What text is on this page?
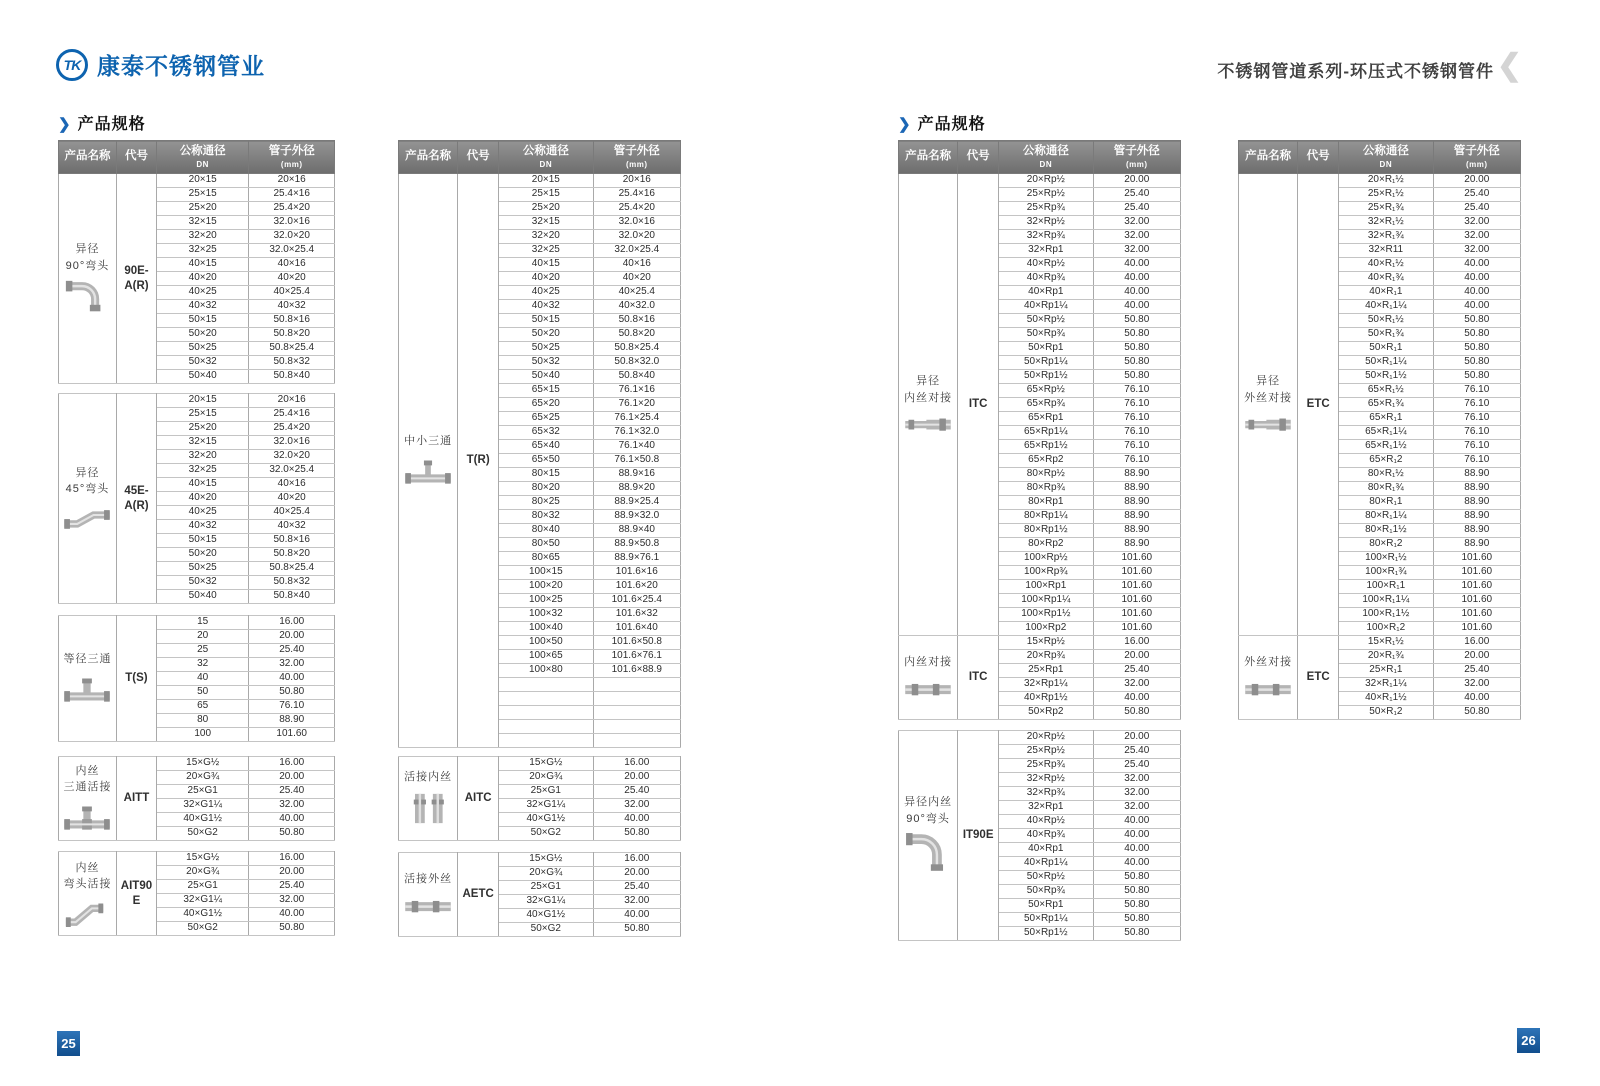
TK 康泰不锈钢管业	不锈钢管道系列-环压式不锈钢管件 ❮
❯ 产品规格	❯ 产品规格
产品名称	代号	公称通径
DN	管子外径
(mm)

异径
90°弯头	90E-A(R)	20×15	20×16
		25×15	25.4×16
		25×20	25.4×20
		32×15	32.0×16
		32×20	32.0×20
		32×25	32.0×25.4
		40×15	40×16
		40×20	40×20
		40×25	40×25.4
		40×32	40×32
		50×15	50.8×16
		50×20	50.8×20
		50×25	50.8×25.4
		50×32	50.8×32
		50×40	50.8×40
异径
45°弯头	45E-A(R)	20×15	20×16
		25×15	25.4×16
		25×20	25.4×20
		32×15	32.0×16
		32×20	32.0×20
		32×25	32.0×25.4
		40×15	40×16
		40×20	40×20
		40×25	40×25.4
		40×32	40×32
		50×15	50.8×16
		50×20	50.8×20
		50×25	50.8×25.4
		50×32	50.8×32
		50×40	50.8×40
等径三通	T(S)	15	16.00
		20	20.00
		25	25.40
		32	32.00
		40	40.00
		50	50.80
		65	76.10
		80	88.90
		100	101.60
内丝
三通活接	AITT	15×G½	16.00
		20×G¾	20.00
		25×G1	25.40
		32×G1¼	32.00
		40×G1½	40.00
		50×G2	50.80
内丝
弯头活接	AIT90E	15×G½	16.00
		20×G¾	20.00
		25×G1	25.40
		32×G1¼	32.00
		40×G1½	40.00
		50×G2	50.80
产品名称	代号	公称通径
DN	管子外径
(mm)

中小三通	T(R)	20×15	20×16
		25×15	25.4×16
		25×20	25.4×20
		32×15	32.0×16
		32×20	32.0×20
		32×25	32.0×25.4
		40×15	40×16
		40×20	40×20
		40×25	40×25.4
		40×32	40×32.0
		50×15	50.8×16
		50×20	50.8×20
		50×25	50.8×25.4
		50×32	50.8×32.0
		50×40	50.8×40
		65×15	76.1×16
		65×20	76.1×20
		65×25	76.1×25.4
		65×32	76.1×32.0
		65×40	76.1×40
		65×50	76.1×50.8
		80×15	88.9×16
		80×20	88.9×20
		80×25	88.9×25.4
		80×32	88.9×32.0
		80×40	88.9×40
		80×50	88.9×50.8
		80×65	88.9×76.1
		100×15	101.6×16
		100×20	101.6×20
		100×25	101.6×25.4
		100×32	101.6×32
		100×40	101.6×40
		100×50	101.6×50.8
		100×65	101.6×76.1
		100×80	101.6×88.9

活接内丝	AITC	15×G½	16.00
		20×G¾	20.00
		25×G1	25.40
		32×G1¼	32.00
		40×G1½	40.00
		50×G2	50.80
活接外丝	AETC	15×G½	16.00
		20×G¾	20.00
		25×G1	25.40
		32×G1¼	32.00
		40×G1½	40.00
		50×G2	50.80
产品名称	代号	公称通径
DN	管子外径
(mm)

异径
内丝对接	ITC	20×Rp½	20.00
		25×Rp½	25.40
		25×Rp¾	25.40
		32×Rp½	32.00
		32×Rp¾	32.00
		32×Rp1	32.00
		40×Rp½	40.00
		40×Rp¾	40.00
		40×Rp1	40.00
		40×Rp1¼	40.00
		50×Rp½	50.80
		50×Rp¾	50.80
		50×Rp1	50.80
		50×Rp1¼	50.80
		50×Rp1½	50.80
		65×Rp½	76.10
		65×Rp¾	76.10
		65×Rp1	76.10
		65×Rp1¼	76.10
		65×Rp1½	76.10
		65×Rp2	76.10
		80×Rp½	88.90
		80×Rp¾	88.90
		80×Rp1	88.90
		80×Rp1¼	88.90
		80×Rp1½	88.90
		80×Rp2	88.90
		100×Rp½	101.60
		100×Rp¾	101.60
		100×Rp1	101.60
		100×Rp1¼	101.60
		100×Rp1½	101.60
		100×Rp2	101.60

内丝对接	ITC	15×Rp½	16.00
		20×Rp¾	20.00
		25×Rp1	25.40
		32×Rp1¼	32.00
		40×Rp1½	40.00
		50×Rp2	50.80
异径内丝
90°弯头	IT90E	20×Rp½	20.00
		25×Rp½	25.40
		25×Rp¾	25.40
		32×Rp½	32.00
		32×Rp¾	32.00
		32×Rp1	32.00
		40×Rp½	40.00
		40×Rp¾	40.00
		40×Rp1	40.00
		40×Rp1¼	40.00
		50×Rp½	50.80
		50×Rp¾	50.80
		50×Rp1	50.80
		50×Rp1¼	50.80
		50×Rp1½	50.80
产品名称	代号	公称通径
DN	管子外径
(mm)

异径
外丝对接	ETC	20×R₁½	20.00
		25×R₁½	25.40
		25×R₁¾	25.40
		32×R₁½	32.00
		32×R₁¾	32.00
		32×R11	32.00
		40×R₁½	40.00
		40×R₁¾	40.00
		40×R₁1	40.00
		40×R₁1¼	40.00
		50×R₁½	50.80
		50×R₁¾	50.80
		50×R₁1	50.80
		50×R₁1¼	50.80
		50×R₁1½	50.80
		65×R₁½	76.10
		65×R₁¾	76.10
		65×R₁1	76.10
		65×R₁1¼	76.10
		65×R₁1½	76.10
		65×R₁2	76.10
		80×R₁½	88.90
		80×R₁¾	88.90
		80×R₁1	88.90
		80×R₁1¼	88.90
		80×R₁1½	88.90
		80×R₁2	88.90
		100×R₁½	101.60
		100×R₁¾	101.60
		100×R₁1	101.60
		100×R₁1¼	101.60
		100×R₁1½	101.60
		100×R₁2	101.60

外丝对接	ETC	15×R₁½	16.00
		20×R₁¾	20.00
		25×R₁1	25.40
		32×R₁1¼	32.00
		40×R₁1½	40.00
		50×R₁2	50.80
25	26
